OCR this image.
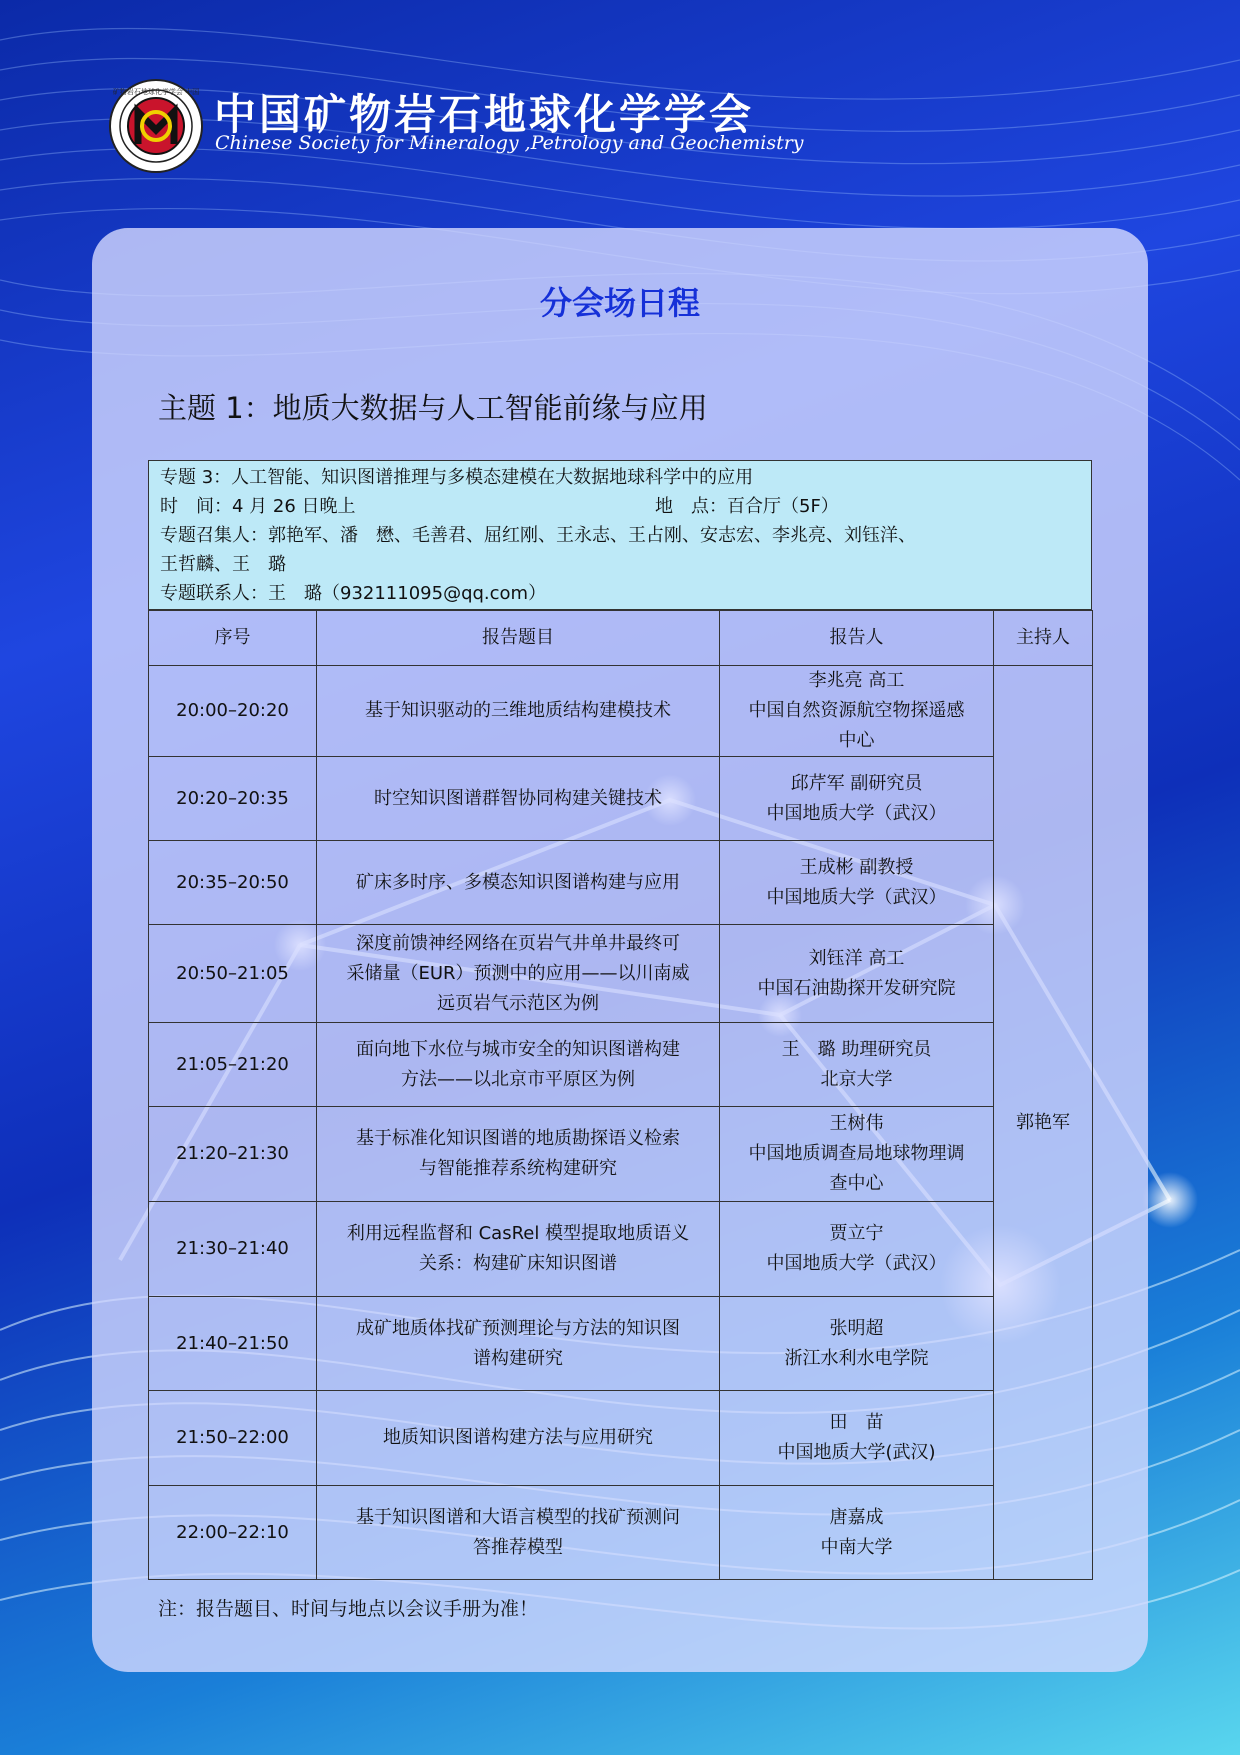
矿物岩石地球化学学会 中国 中国矿物岩石地球化学学会
Chinese Society for Mineralogy ,Petrology and Geochemistry
分会场日程
主题 1：地质大数据与人工智能前缘与应用
专题 3：人工智能、知识图谱推理与多模态建模在大数据地球科学中的应用
时　间：4 月 26 日晚上	地　点：百合厅（5F）
专题召集人：郭艳军、潘　懋、毛善君、屈红刚、王永志、王占刚、安志宏、李兆亮、刘钰洋、
王哲麟、王　璐
专题联系人：王　璐（932111095@qq.com）
序号	报告题目	报告人	主持人
20:00–20:20	基于知识驱动的三维地质结构建模技术	李兆亮 高工
中国自然资源航空物探遥感
中心	郭艳军
20:20–20:35	时空知识图谱群智协同构建关键技术	邱芹军 副研究员
中国地质大学（武汉）	

20:35–20:50	矿床多时序、多模态知识图谱构建与应用	王成彬 副教授
中国地质大学（武汉）	

20:50–21:05	深度前馈神经网络在页岩气井单井最终可
采储量（EUR）预测中的应用——以川南威
远页岩气示范区为例	刘钰洋 高工
中国石油勘探开发研究院	

21:05–21:20	面向地下水位与城市安全的知识图谱构建
方法——以北京市平原区为例	王　璐 助理研究员
北京大学	

21:20–21:30	基于标准化知识图谱的地质勘探语义检索
与智能推荐系统构建研究	王树伟
中国地质调查局地球物理调
查中心	

21:30–21:40	利用远程监督和 CasRel 模型提取地质语义
关系：构建矿床知识图谱	贾立宁
中国地质大学（武汉）	

21:40–21:50	成矿地质体找矿预测理论与方法的知识图
谱构建研究	张明超
浙江水利水电学院	

21:50–22:00	地质知识图谱构建方法与应用研究	田　苗
中国地质大学(武汉)	

22:00–22:10	基于知识图谱和大语言模型的找矿预测问
答推荐模型	唐嘉成
中南大学	
注：报告题目、时间与地点以会议手册为准！
